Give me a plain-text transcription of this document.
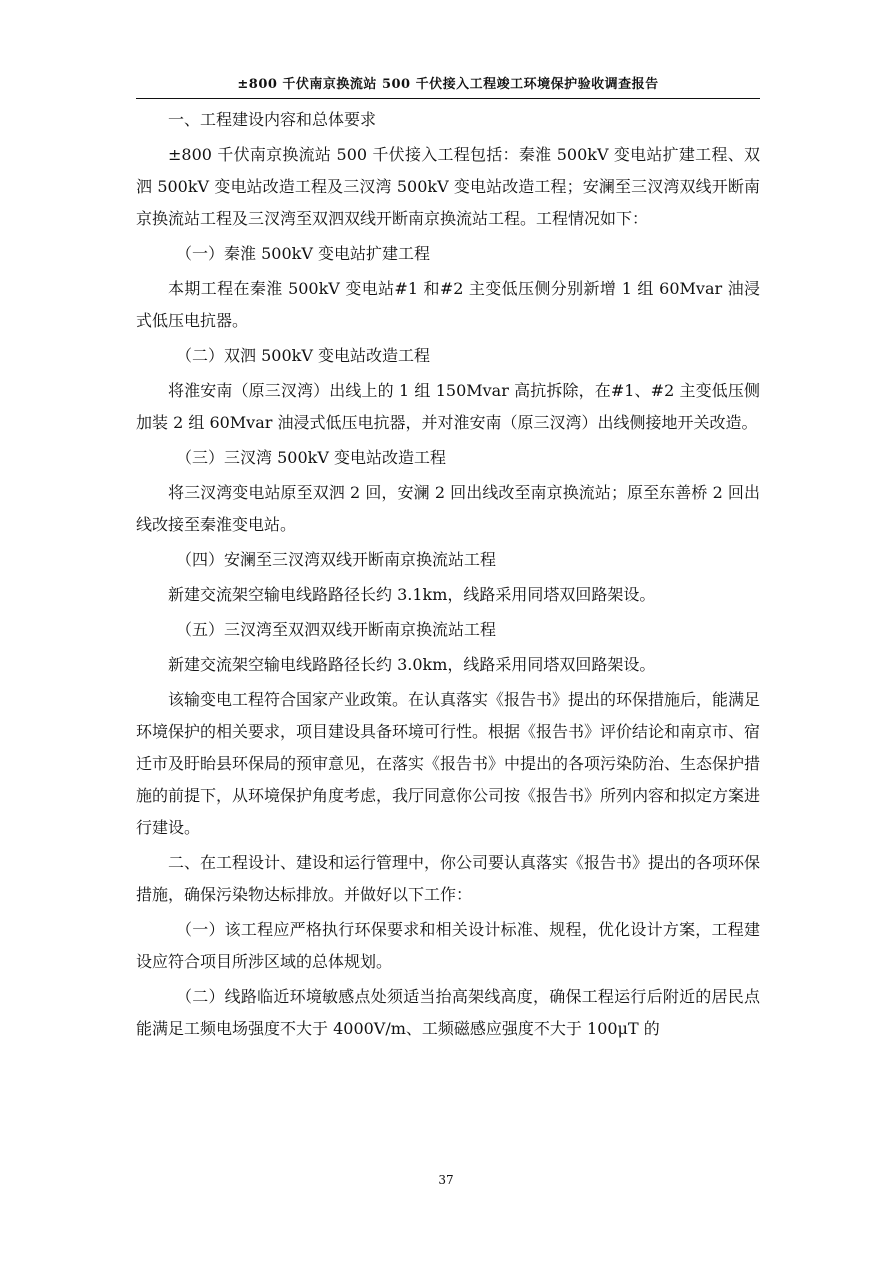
±800 千伏南京换流站 500 千伏接入工程竣工环境保护验收调查报告

一、工程建设内容和总体要求

±800 千伏南京换流站 500 千伏接入工程包括：秦淮 500kV 变电站扩建工程、双泗 500kV 变电站改造工程及三汊湾 500kV 变电站改造工程；安澜至三汊湾双线开断南京换流站工程及三汊湾至双泗双线开断南京换流站工程。工程情况如下：

（一）秦淮 500kV 变电站扩建工程

本期工程在秦淮 500kV 变电站#1 和#2 主变低压侧分别新增 1 组 60Mvar 油浸式低压电抗器。

（二）双泗 500kV 变电站改造工程

将淮安南（原三汊湾）出线上的 1 组 150Mvar 高抗拆除，在#1、#2 主变低压侧加装 2 组 60Mvar 油浸式低压电抗器，并对淮安南（原三汊湾）出线侧接地开关改造。

（三）三汊湾 500kV 变电站改造工程

将三汊湾变电站原至双泗 2 回，安澜 2 回出线改至南京换流站；原至东善桥 2 回出线改接至秦淮变电站。

（四）安澜至三汊湾双线开断南京换流站工程

新建交流架空输电线路路径长约 3.1km，线路采用同塔双回路架设。

（五）三汊湾至双泗双线开断南京换流站工程

新建交流架空输电线路路径长约 3.0km，线路采用同塔双回路架设。

该输变电工程符合国家产业政策。在认真落实《报告书》提出的环保措施后，能满足环境保护的相关要求，项目建设具备环境可行性。根据《报告书》评价结论和南京市、宿迁市及盱眙县环保局的预审意见，在落实《报告书》中提出的各项污染防治、生态保护措施的前提下，从环境保护角度考虑，我厅同意你公司按《报告书》所列内容和拟定方案进行建设。

二、在工程设计、建设和运行管理中，你公司要认真落实《报告书》提出的各项环保措施，确保污染物达标排放。并做好以下工作：

（一）该工程应严格执行环保要求和相关设计标准、规程，优化设计方案，工程建设应符合项目所涉区域的总体规划。

（二）线路临近环境敏感点处须适当抬高架线高度，确保工程运行后附近的居民点能满足工频电场强度不大于 4000V/m、工频磁感应强度不大于 100μT 的

37
